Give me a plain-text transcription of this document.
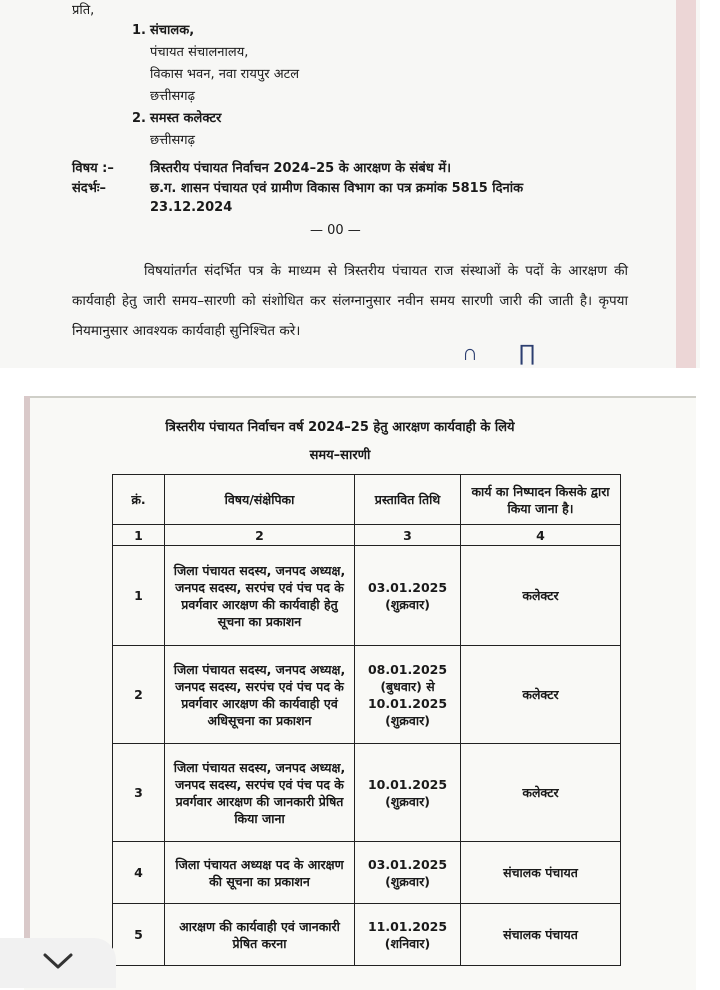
प्रति,
1. संचालक,
पंचायत संचालनालय,
विकास भवन, नवा रायपुर अटल
छत्तीसगढ़
2. समस्त कलेक्टर
छत्तीसगढ़
विषय :–	त्रिस्तरीय पंचायत निर्वाचन 2024–25 के आरक्षण के संबंध में।
संदर्भः–	छ.ग. शासन पंचायत एवं ग्रामीण विकास विभाग का पत्र क्रमांक 5815 दिनांक
23.12.2024
— 00 —
विषयांतर्गत संदर्भित पत्र के माध्यम से त्रिस्तरीय पंचायत राज संस्थाओं के पदों के आरक्षण की कार्यवाही हेतु जारी समय–सारणी को संशोधित कर संलग्नानुसार नवीन समय सारणी जारी की जाती है। कृपया नियमानुसार आवश्यक कार्यवाही सुनिश्चित करे।
∩ ∏
त्रिस्तरीय पंचायत निर्वाचन वर्ष 2024–25 हेतु आरक्षण कार्यवाही के लिये
समय–सारणी
क्रं.	विषय/संक्षेपिका	प्रस्तावित तिथि	कार्य का निष्पादन किसके द्वारा किया जाना है।
1	2	3	4
1	जिला पंचायत सदस्य, जनपद अध्यक्ष, जनपद सदस्य, सरपंच एवं पंच पद के प्रवर्गवार आरक्षण की कार्यवाही हेतु सूचना का प्रकाशन	03.01.2025 (शुक्रवार)	कलेक्टर
2	जिला पंचायत सदस्य, जनपद अध्यक्ष, जनपद सदस्य, सरपंच एवं पंच पद के प्रवर्गवार आरक्षण की कार्यवाही एवं अधिसूचना का प्रकाशन	08.01.2025 (बुधवार) से 10.01.2025 (शुक्रवार)	कलेक्टर
3	जिला पंचायत सदस्य, जनपद अध्यक्ष, जनपद सदस्य, सरपंच एवं पंच पद के प्रवर्गवार आरक्षण की जानकारी प्रेषित किया जाना	10.01.2025 (शुक्रवार)	कलेक्टर
4	जिला पंचायत अध्यक्ष पद के आरक्षण की सूचना का प्रकाशन	03.01.2025 (शुक्रवार)	संचालक पंचायत
5	आरक्षण की कार्यवाही एवं जानकारी प्रेषित करना	11.01.2025 (शनिवार)	संचालक पंचायत
